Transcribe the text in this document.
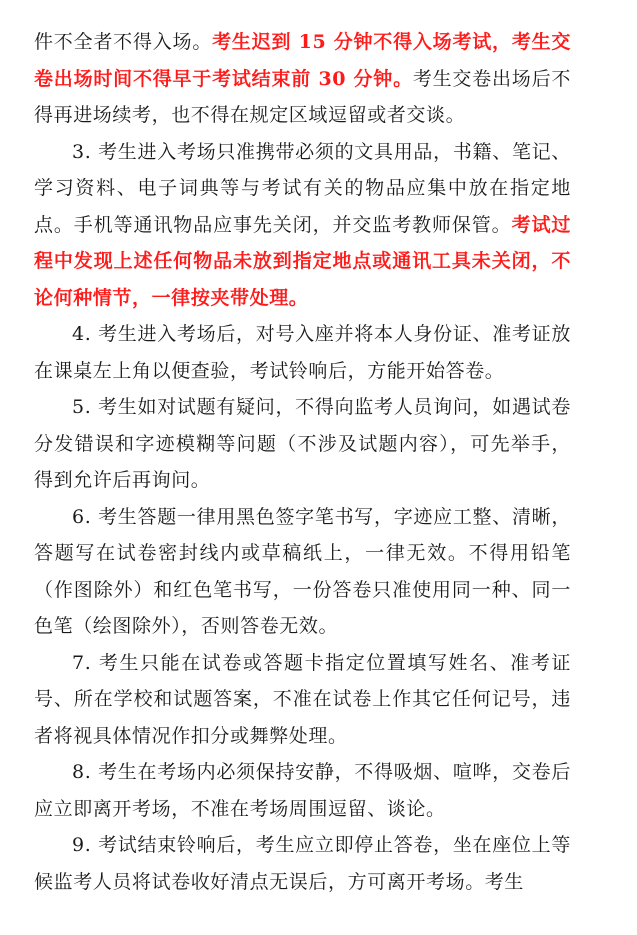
件不全者不得入场。考生迟到 15 分钟不得入场考试，考生交卷出场时间不得早于考试结束前 30 分钟。考生交卷出场后不得再进场续考，也不得在规定区域逗留或者交谈。

3. 考生进入考场只准携带必须的文具用品，书籍、笔记、学习资料、电子词典等与考试有关的物品应集中放在指定地点。手机等通讯物品应事先关闭，并交监考教师保管。考试过程中发现上述任何物品未放到指定地点或通讯工具未关闭，不论何种情节，一律按夹带处理。

4. 考生进入考场后，对号入座并将本人身份证、准考证放在课桌左上角以便查验，考试铃响后，方能开始答卷。

5. 考生如对试题有疑问，不得向监考人员询问，如遇试卷分发错误和字迹模糊等问题（不涉及试题内容），可先举手，得到允许后再询问。

6. 考生答题一律用黑色签字笔书写，字迹应工整、清晰，答题写在试卷密封线内或草稿纸上，一律无效。不得用铅笔（作图除外）和红色笔书写，一份答卷只准使用同一种、同一色笔（绘图除外），否则答卷无效。

7. 考生只能在试卷或答题卡指定位置填写姓名、准考证号、所在学校和试题答案，不准在试卷上作其它任何记号，违者将视具体情况作扣分或舞弊处理。

8. 考生在考场内必须保持安静，不得吸烟、喧哗，交卷后应立即离开考场，不准在考场周围逗留、谈论。

9. 考试结束铃响后，考生应立即停止答卷，坐在座位上等候监考人员将试卷收好清点无误后，方可离开考场。考生
